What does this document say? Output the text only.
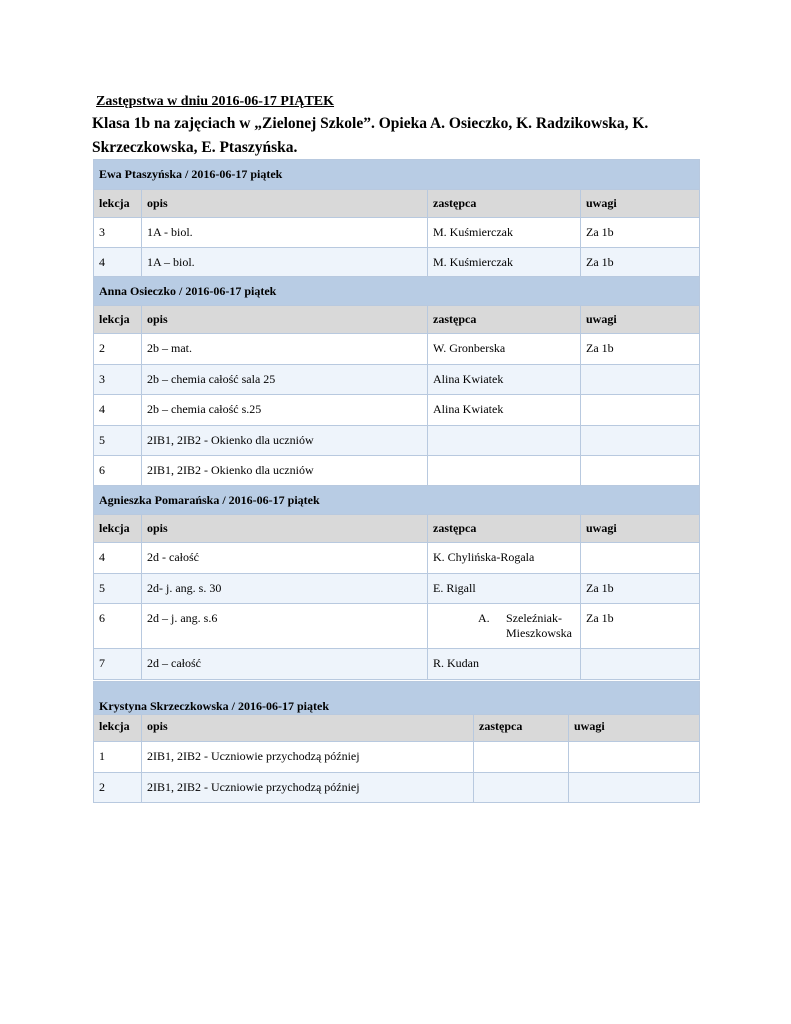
Zastępstwa w dniu 2016-06-17 PIĄTEK
Klasa 1b na zajęciach w „Zielonej Szkole”. Opieka A. Osieczko, K. Radzikowska, K. Skrzeczkowska, E. Ptaszyńska.
Ewa Ptaszyńska / 2016-06-17 piątek			
lekcja	opis	zastępca	uwagi
3	1A - biol.	M. Kuśmierczak	Za 1b
4	1A – biol.	M. Kuśmierczak	Za 1b
Anna Osieczko / 2016-06-17 piątek			
lekcja	opis	zastępca	uwagi
2	2b – mat.	W. Gronberska	Za 1b
3	2b – chemia całość sala 25	Alina Kwiatek	
4	2b – chemia całość s.25	Alina Kwiatek	
5	2IB1, 2IB2 - Okienko dla uczniów		
6	2IB1, 2IB2 - Okienko dla uczniów		
Agnieszka Pomarańska / 2016-06-17 piątek			
lekcja	opis	zastępca	uwagi
4	2d - całość	K. Chylińska-Rogala	
5	2d- j. ang. s. 30	E. Rigall	Za 1b
6	2d – j. ang. s.6	A. Szeleźniak-Mieszkowska	Za 1b
7	2d – całość	R. Kudan	
Krystyna Skrzeczkowska / 2016-06-17 piątek			
lekcja	opis	zastępca	uwagi
1	2IB1, 2IB2 - Uczniowie przychodzą później		
2	2IB1, 2IB2 - Uczniowie przychodzą później		
